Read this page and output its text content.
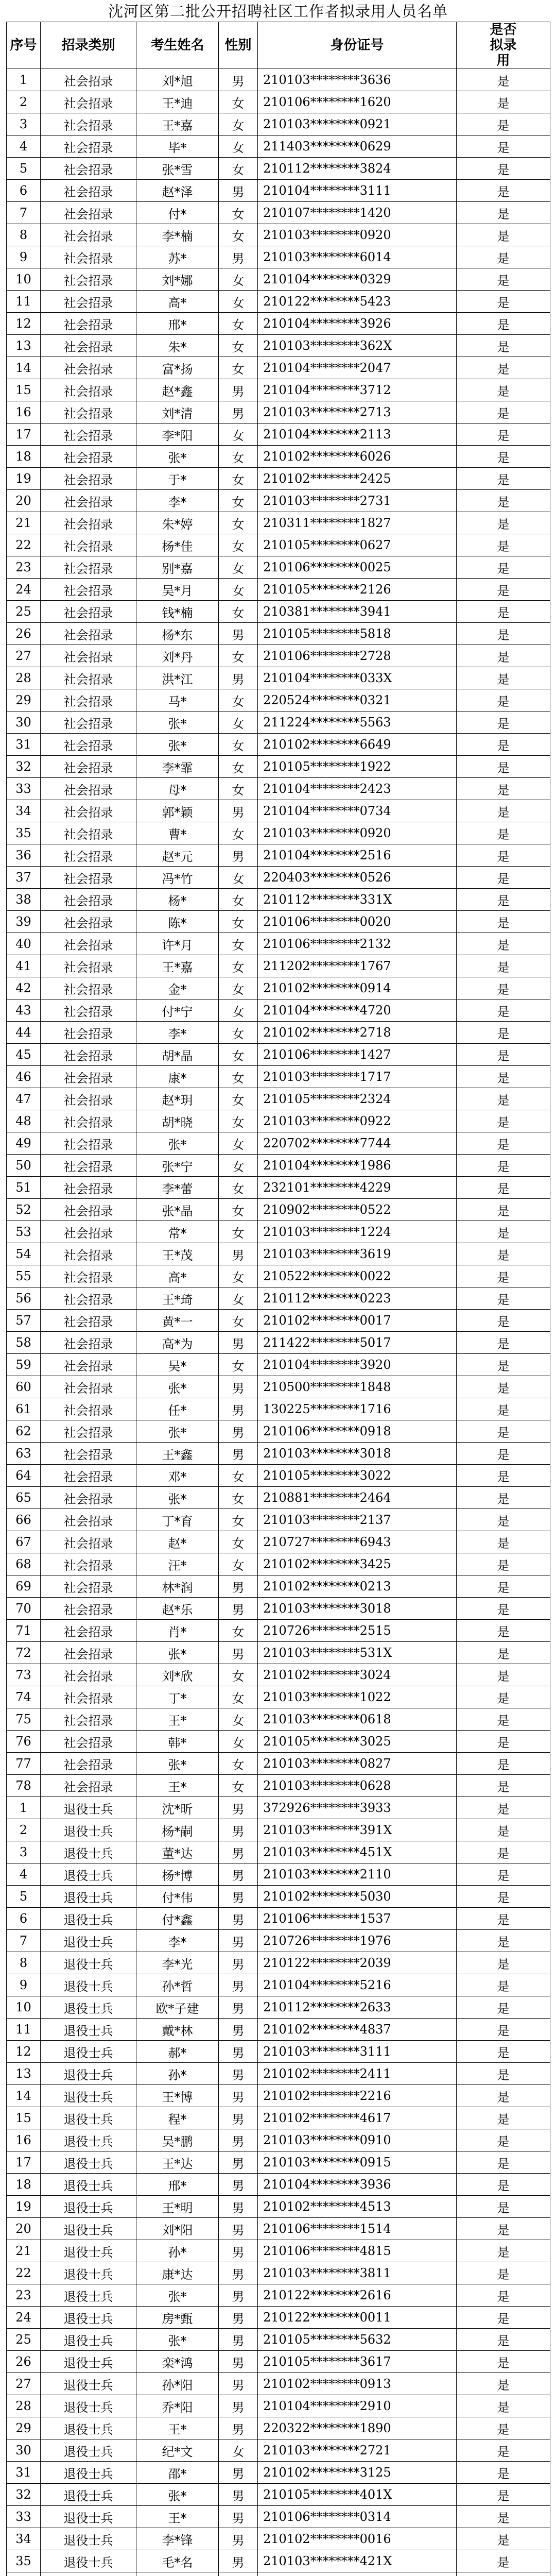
沈河区第二批公开招聘社区工作者拟录用人员名单
序号	招录类别	考生姓名	性别	身份证号	是否拟录用
1	社会招录	刘*旭	男	210103********3636	是
2	社会招录	王*迪	女	210106********1620	是
3	社会招录	王*嘉	女	210103********0921	是
4	社会招录	毕*	女	211403********0629	是
5	社会招录	张*雪	女	210112********3824	是
6	社会招录	赵*泽	男	210104********3111	是
7	社会招录	付*	女	210107********1420	是
8	社会招录	李*楠	女	210103********0920	是
9	社会招录	苏*	男	210103********6014	是
10	社会招录	刘*娜	女	210104********0329	是
11	社会招录	高*	女	210122********5423	是
12	社会招录	邢*	女	210104********3926	是
13	社会招录	朱*	女	210103********362X	是
14	社会招录	富*扬	女	210104********2047	是
15	社会招录	赵*鑫	男	210104********3712	是
16	社会招录	刘*清	男	210103********2713	是
17	社会招录	李*阳	女	210104********2113	是
18	社会招录	张*	女	210102********6026	是
19	社会招录	于*	女	210102********2425	是
20	社会招录	李*	女	210103********2731	是
21	社会招录	朱*婷	女	210311********1827	是
22	社会招录	杨*佳	女	210105********0627	是
23	社会招录	别*嘉	女	210106********0025	是
24	社会招录	吴*月	女	210105********2126	是
25	社会招录	钱*楠	女	210381********3941	是
26	社会招录	杨*东	男	210105********5818	是
27	社会招录	刘*丹	女	210106********2728	是
28	社会招录	洪*江	男	210104********033X	是
29	社会招录	马*	女	220524********0321	是
30	社会招录	张*	女	211224********5563	是
31	社会招录	张*	女	210102********6649	是
32	社会招录	李*霏	女	210105********1922	是
33	社会招录	母*	女	210104********2423	是
34	社会招录	郭*颖	男	210104********0734	是
35	社会招录	曹*	女	210103********0920	是
36	社会招录	赵*元	男	210104********2516	是
37	社会招录	冯*竹	女	220403********0526	是
38	社会招录	杨*	女	210112********331X	是
39	社会招录	陈*	女	210106********0020	是
40	社会招录	许*月	女	210106********2132	是
41	社会招录	王*嘉	女	211202********1767	是
42	社会招录	金*	女	210102********0914	是
43	社会招录	付*宁	女	210104********4720	是
44	社会招录	李*	女	210102********2718	是
45	社会招录	胡*晶	女	210106********1427	是
46	社会招录	康*	女	210103********1717	是
47	社会招录	赵*玥	女	210105********2324	是
48	社会招录	胡*晓	女	210103********0922	是
49	社会招录	张*	女	220702********7744	是
50	社会招录	张*宁	女	210104********1986	是
51	社会招录	李*蕾	女	232101********4229	是
52	社会招录	张*晶	女	210902********0522	是
53	社会招录	常*	女	210103********1224	是
54	社会招录	王*茂	男	210103********3619	是
55	社会招录	高*	女	210522********0022	是
56	社会招录	王*琦	女	210112********0223	是
57	社会招录	黄*一	女	210102********0017	是
58	社会招录	高*为	男	211422********5017	是
59	社会招录	吴*	女	210104********3920	是
60	社会招录	张*	男	210500********1848	是
61	社会招录	任*	男	130225********1716	是
62	社会招录	张*	男	210106********0918	是
63	社会招录	王*鑫	男	210103********3018	是
64	社会招录	邓*	女	210105********3022	是
65	社会招录	张*	女	210881********2464	是
66	社会招录	丁*育	女	210103********2137	是
67	社会招录	赵*	女	210727********6943	是
68	社会招录	汪*	女	210102********3425	是
69	社会招录	林*润	男	210102********0213	是
70	社会招录	赵*乐	男	210103********3018	是
71	社会招录	肖*	女	210726********2515	是
72	社会招录	张*	男	210103********531X	是
73	社会招录	刘*欣	女	210102********3024	是
74	社会招录	丁*	女	210103********1022	是
75	社会招录	王*	女	210103********0618	是
76	社会招录	韩*	女	210105********3025	是
77	社会招录	张*	女	210103********0827	是
78	社会招录	王*	女	210103********0628	是
1	退役士兵	沈*昕	男	372926********3933	是
2	退役士兵	杨*嗣	男	210103********391X	是
3	退役士兵	董*达	男	210103********451X	是
4	退役士兵	杨*博	男	210103********2110	是
5	退役士兵	付*伟	男	210102********5030	是
6	退役士兵	付*鑫	男	210106********1537	是
7	退役士兵	李*	男	210726********1976	是
8	退役士兵	李*光	男	210122********2039	是
9	退役士兵	孙*哲	男	210104********5216	是
10	退役士兵	欧*子建	男	210112********2633	是
11	退役士兵	戴*林	男	210102********4837	是
12	退役士兵	郝*	男	210103********3111	是
13	退役士兵	孙*	男	210102********2411	是
14	退役士兵	王*博	男	210102********2216	是
15	退役士兵	程*	男	210102********4617	是
16	退役士兵	吴*鹏	男	210103********0910	是
17	退役士兵	王*达	男	210103********0915	是
18	退役士兵	邢*	男	210104********3936	是
19	退役士兵	王*明	男	210102********4513	是
20	退役士兵	刘*阳	男	210106********1514	是
21	退役士兵	孙*	男	210106********4815	是
22	退役士兵	康*达	男	210103********3811	是
23	退役士兵	张*	男	210122********2616	是
24	退役士兵	房*甄	男	210122********0011	是
25	退役士兵	张*	男	210105********5632	是
26	退役士兵	栾*鸿	男	210105********3617	是
27	退役士兵	孙*阳	男	210102********0913	是
28	退役士兵	乔*阳	男	210104********2910	是
29	退役士兵	王*	男	220322********1890	是
30	退役士兵	纪*文	女	210103********2721	是
31	退役士兵	邵*	男	210102********3125	是
32	退役士兵	张*	男	210105********401X	是
33	退役士兵	王*	男	210106********0314	是
34	退役士兵	李*锋	男	210102********0016	是
35	退役士兵	毛*名	男	210103********421X	是
